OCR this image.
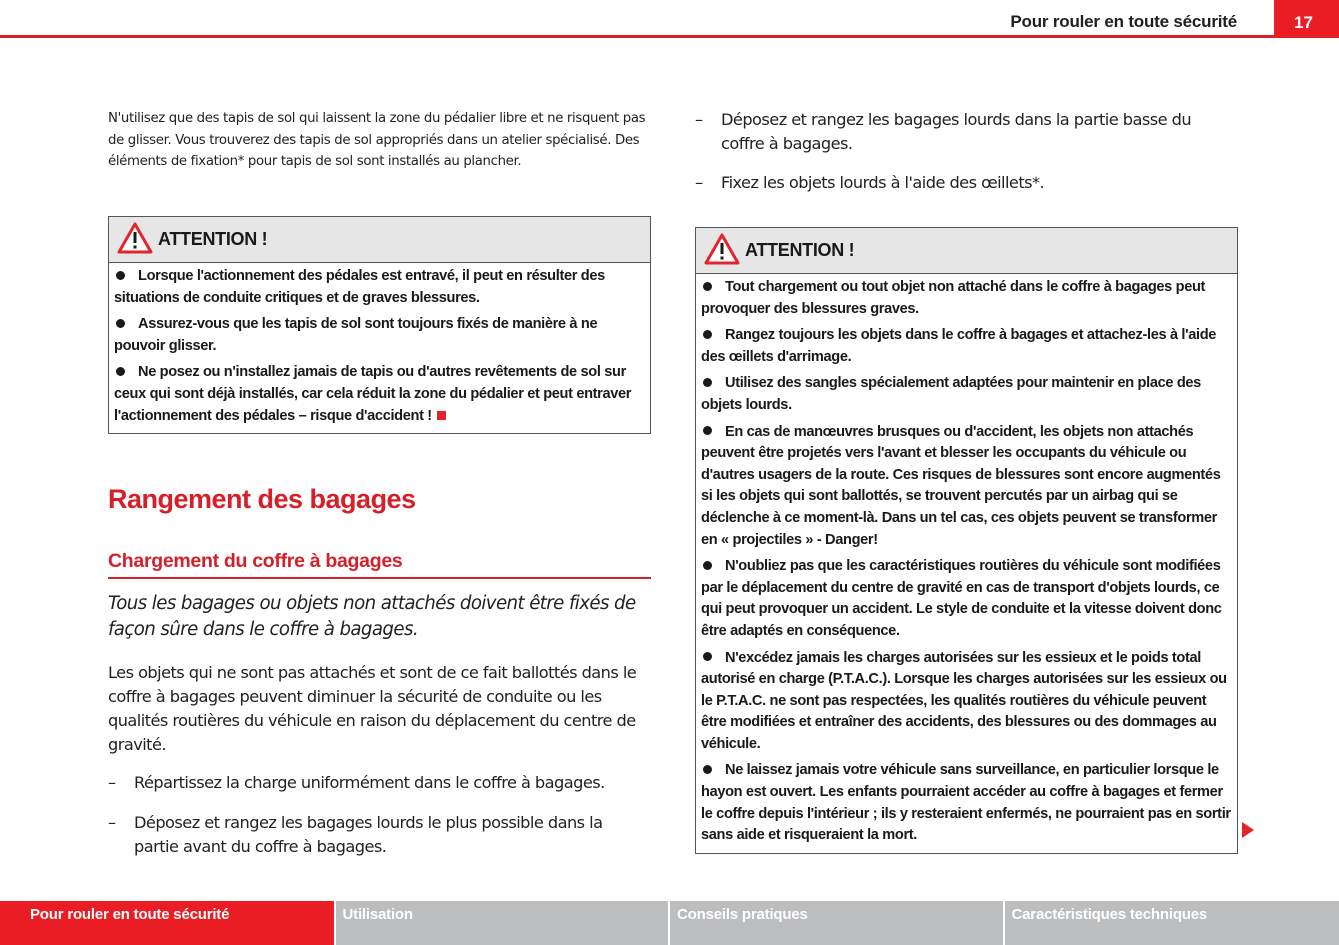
Pour rouler en toute sécurité	17

N'utilisez que des tapis de sol qui laissent la zone du pédalier libre et ne risquent pas de glisser. Vous trouverez des tapis de sol appropriés dans un atelier spécialisé. Des éléments de fixation* pour tapis de sol sont installés au plancher.

ATTENTION !
Lorsque l'actionnement des pédales est entravé, il peut en résulter des situations de conduite critiques et de graves blessures.
Assurez-vous que les tapis de sol sont toujours fixés de manière à ne pouvoir glisser.
Ne posez ou n'installez jamais de tapis ou d'autres revêtements de sol sur ceux qui sont déjà installés, car cela réduit la zone du pédalier et peut entraver l'actionnement des pédales – risque d'accident !
Rangement des bagages
Chargement du coffre à bagages

Tous les bagages ou objets non attachés doivent être fixés de façon sûre dans le coffre à bagages.

Les objets qui ne sont pas attachés et sont de ce fait ballottés dans le coffre à bagages peuvent diminuer la sécurité de conduite ou les qualités routières du véhicule en raison du déplacement du centre de gravité.

– Répartissez la charge uniformément dans le coffre à bagages.
– Déposez et rangez les bagages lourds le plus possible dans la partie avant du coffre à bagages.
– Déposez et rangez les bagages lourds dans la partie basse du coffre à bagages.
– Fixez les objets lourds à l'aide des œillets*.
ATTENTION !
Tout chargement ou tout objet non attaché dans le coffre à bagages peut provoquer des blessures graves.
Rangez toujours les objets dans le coffre à bagages et attachez-les à l'aide des œillets d'arrimage.
Utilisez des sangles spécialement adaptées pour maintenir en place des objets lourds.
En cas de manœuvres brusques ou d'accident, les objets non attachés peuvent être projetés vers l'avant et blesser les occupants du véhicule ou d'autres usagers de la route. Ces risques de blessures sont encore augmentés si les objets qui sont ballottés, se trouvent percutés par un airbag qui se déclenche à ce moment-là. Dans un tel cas, ces objets peuvent se transformer en « projectiles » - Danger!
N'oubliez pas que les caractéristiques routières du véhicule sont modifiées par le déplacement du centre de gravité en cas de transport d'objets lourds, ce qui peut provoquer un accident. Le style de conduite et la vitesse doivent donc être adaptés en conséquence.
N'excédez jamais les charges autorisées sur les essieux et le poids total autorisé en charge (P.T.A.C.). Lorsque les charges autorisées sur les essieux ou le P.T.A.C. ne sont pas respectées, les qualités routières du véhicule peuvent être modifiées et entraîner des accidents, des blessures ou des dommages au véhicule.
Ne laissez jamais votre véhicule sans surveillance, en particulier lorsque le hayon est ouvert. Les enfants pourraient accéder au coffre à bagages et fermer le coffre depuis l'intérieur ; ils y resteraient enfermés, ne pourraient pas en sortir sans aide et risqueraient la mort.
Pour rouler en toute sécurité	Utilisation	Conseils pratiques	Caractéristiques techniques
